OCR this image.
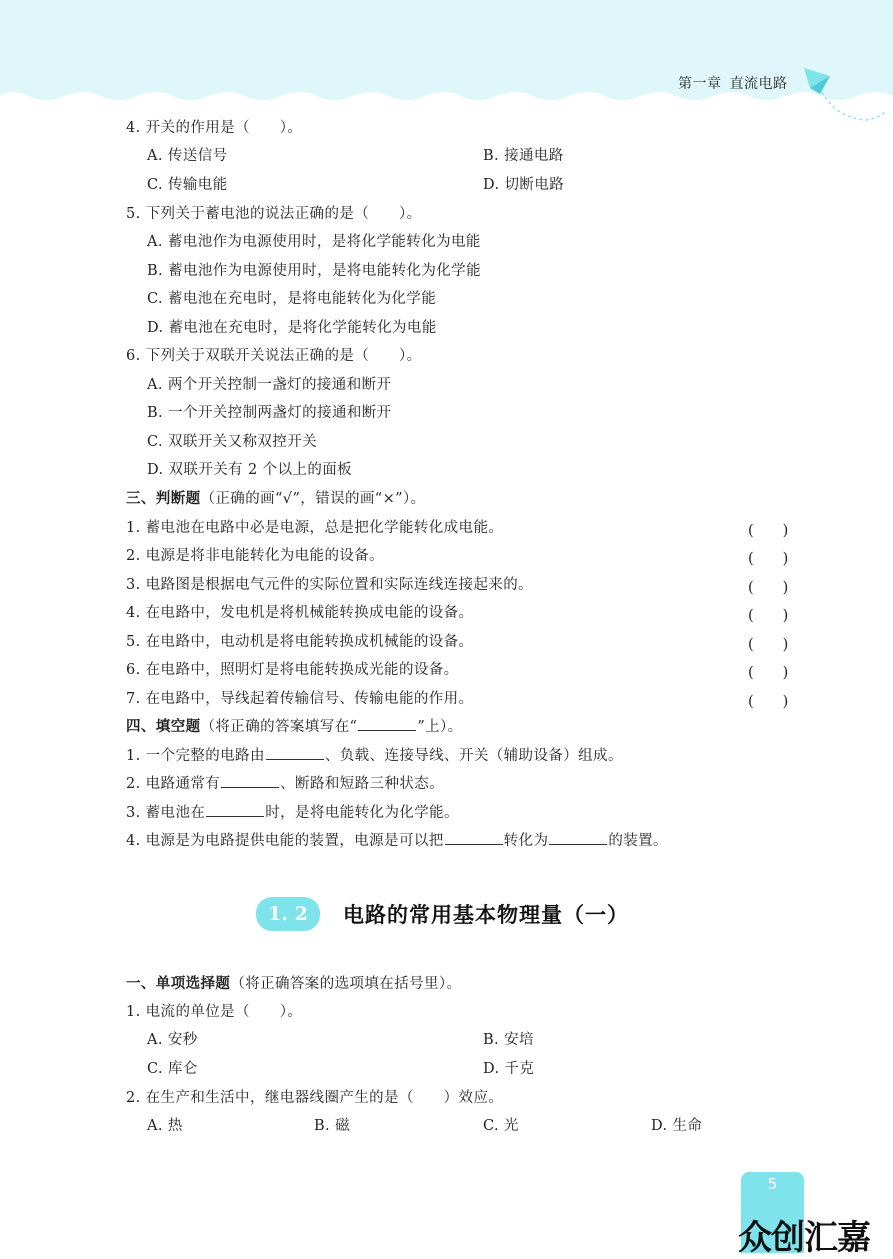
第一章 直流电路
4. 开关的作用是（　　）。
A. 传送信号	B. 接通电路
C. 传输电能	D. 切断电路
5. 下列关于蓄电池的说法正确的是（　　）。
A. 蓄电池作为电源使用时，是将化学能转化为电能
B. 蓄电池作为电源使用时，是将电能转化为化学能
C. 蓄电池在充电时，是将电能转化为化学能
D. 蓄电池在充电时，是将化学能转化为电能
6. 下列关于双联开关说法正确的是（　　）。
A. 两个开关控制一盏灯的接通和断开
B. 一个开关控制两盏灯的接通和断开
C. 双联开关又称双控开关
D. 双联开关有 2 个以上的面板
三、判断题（正确的画“√”，错误的画“×”）。
1. 蓄电池在电路中必是电源，总是把化学能转化成电能。	(　　)
2. 电源是将非电能转化为电能的设备。	(　　)
3. 电路图是根据电气元件的实际位置和实际连线连接起来的。	(　　)
4. 在电路中，发电机是将机械能转换成电能的设备。	(　　)
5. 在电路中，电动机是将电能转换成机械能的设备。	(　　)
6. 在电路中，照明灯是将电能转换成光能的设备。	(　　)
7. 在电路中，导线起着传输信号、传输电能的作用。	(　　)
四、填空题（将正确的答案填写在“	”上）。
1. 一个完整的电路由	、负载、连接导线、开关（辅助设备）组成。
2. 电路通常有	、断路和短路三种状态。
3. 蓄电池在	时，是将电能转化为化学能。
4. 电源是为电路提供电能的装置，电源是可以把	转化为	的装置。
1. 2	电路的常用基本物理量（一）
一、单项选择题（将正确答案的选项填在括号里）。
1. 电流的单位是（　　）。
A. 安秒	B. 安培
C. 库仑	D. 千克
2. 在生产和生活中，继电器线圈产生的是（　　）效应。
A. 热	B. 磁	C. 光	D. 生命
5
众创汇嘉
